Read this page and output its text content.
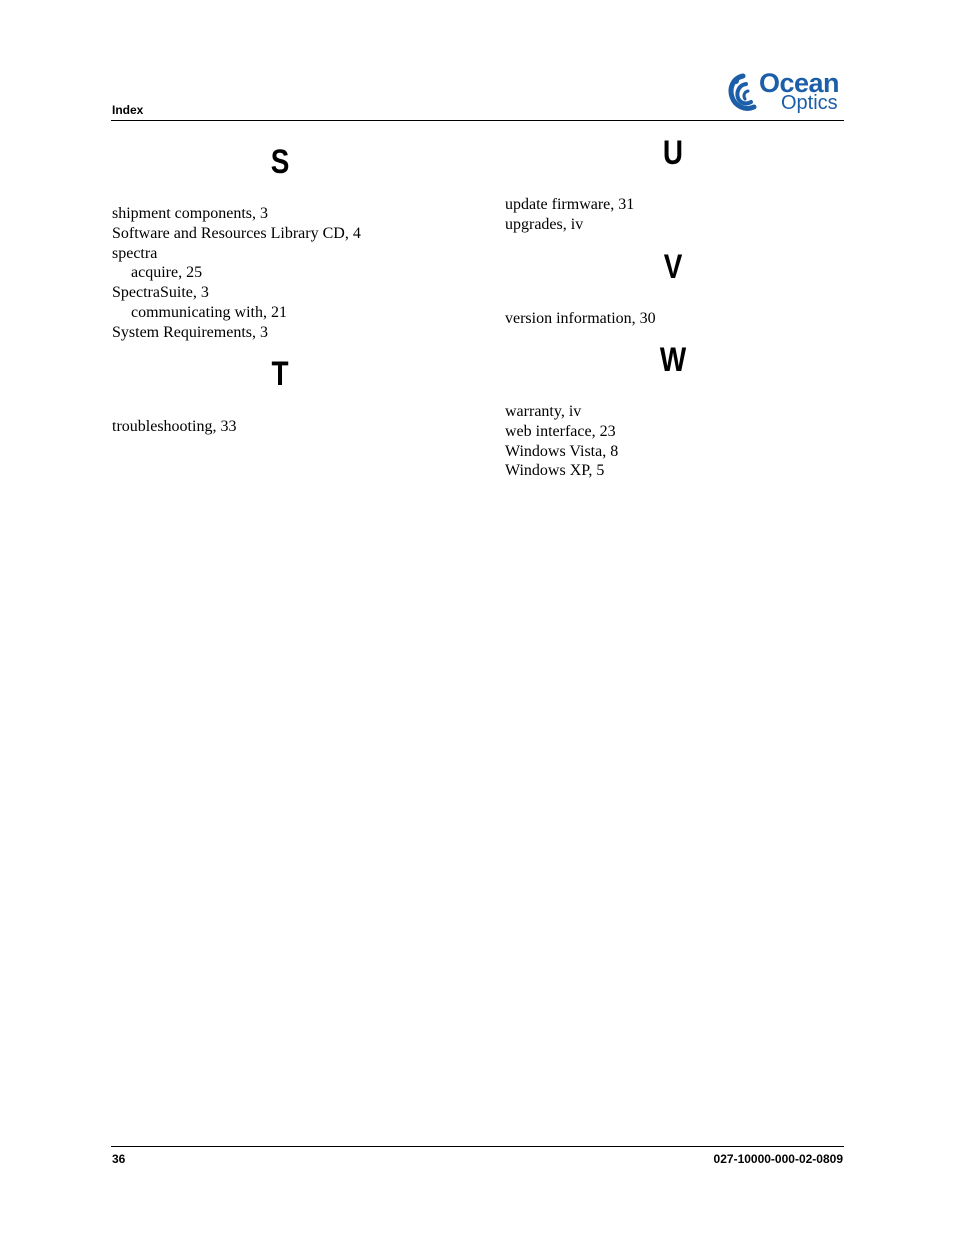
Index
Ocean
Optics
S
shipment components, 3
Software and Resources Library CD, 4
spectra
acquire, 25
SpectraSuite, 3
communicating with, 21
System Requirements, 3
T
troubleshooting, 33
U
update firmware, 31
upgrades, iv
V
version information, 30
W
warranty, iv
web interface, 23
Windows Vista, 8
Windows XP, 5
36	027-10000-000-02-0809
